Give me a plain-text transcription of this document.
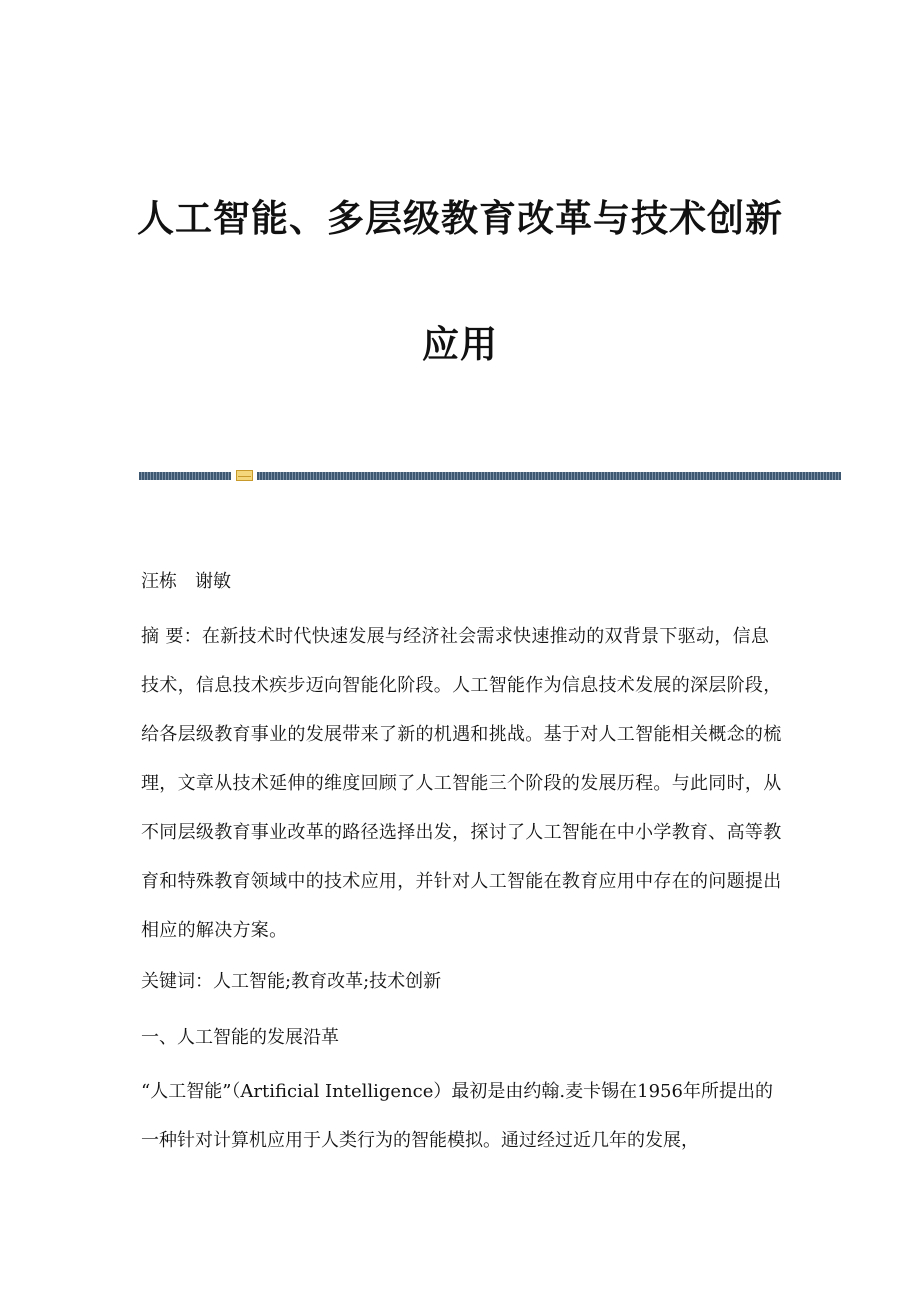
人工智能、多层级教育改革与技术创新
应用

汪栋　谢敏

摘 要：在新技术时代快速发展与经济社会需求快速推动的双背景下驱动，信息技术，信息技术疾步迈向智能化阶段。人工智能作为信息技术发展的深层阶段，给各层级教育事业的发展带来了新的机遇和挑战。基于对人工智能相关概念的梳理，文章从技术延伸的维度回顾了人工智能三个阶段的发展历程。与此同时，从不同层级教育事业改革的路径选择出发，探讨了人工智能在中小学教育、高等教育和特殊教育领域中的技术应用，并针对人工智能在教育应用中存在的问题提出相应的解决方案。

关键词：人工智能;教育改革;技术创新

一、人工智能的发展沿革

“人工智能”（Artificial Intelligence）最初是由约翰.麦卡锡在1956年所提出的一种针对计算机应用于人类行为的智能模拟。通过经过近几年的发展，
